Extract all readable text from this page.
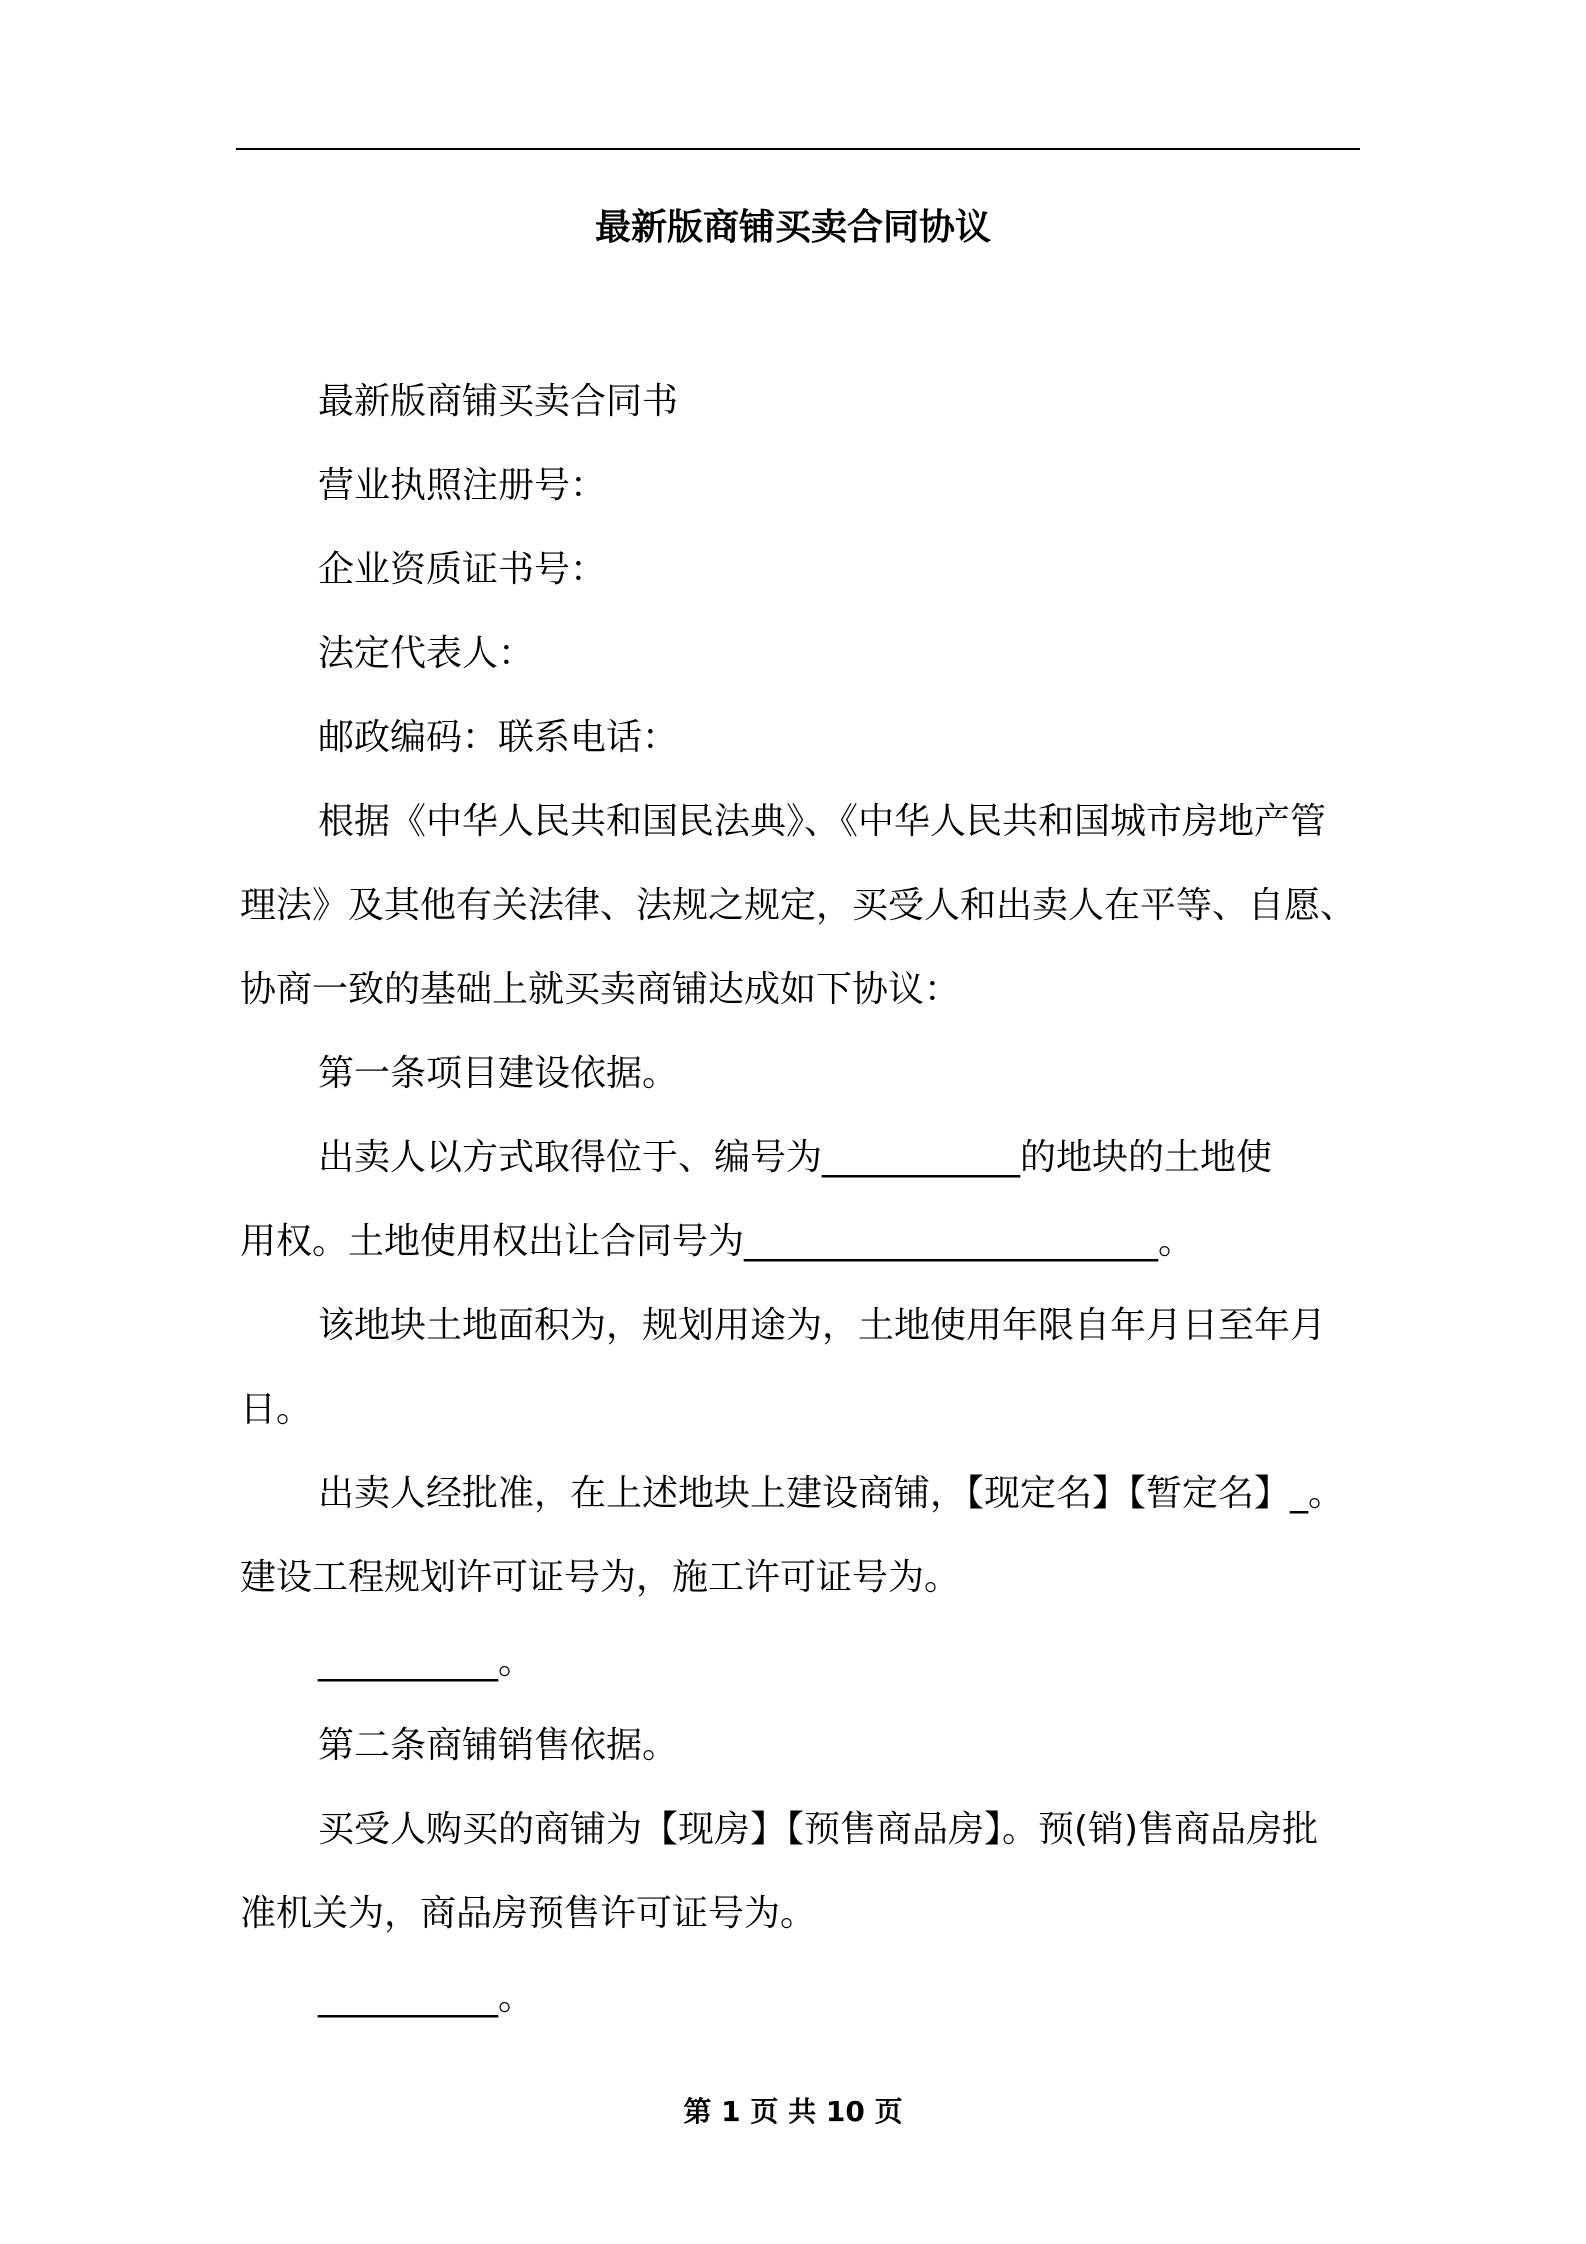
最新版商铺买卖合同协议

最新版商铺买卖合同书

营业执照注册号：

企业资质证书号：

法定代表人：

邮政编码：联系电话：

根据《中华人民共和国民法典》、《中华人民共和国城市房地产管

理法》及其他有关法律、法规之规定，买受人和出卖人在平等、自愿、

协商一致的基础上就买卖商铺达成如下协议：

第一条项目建设依据。

出卖人以方式取得位于、编号为___________的地块的土地使

用权。土地使用权出让合同号为_______________________。

该地块土地面积为，规划用途为，土地使用年限自年月日至年月

日。

出卖人经批准，在上述地块上建设商铺，【现定名】【暂定名】_。

建设工程规划许可证号为，施工许可证号为。

__________。

第二条商铺销售依据。

买受人购买的商铺为【现房】【预售商品房】。预(销)售商品房批

准机关为，商品房预售许可证号为。

__________。

第 1 页 共 10 页
